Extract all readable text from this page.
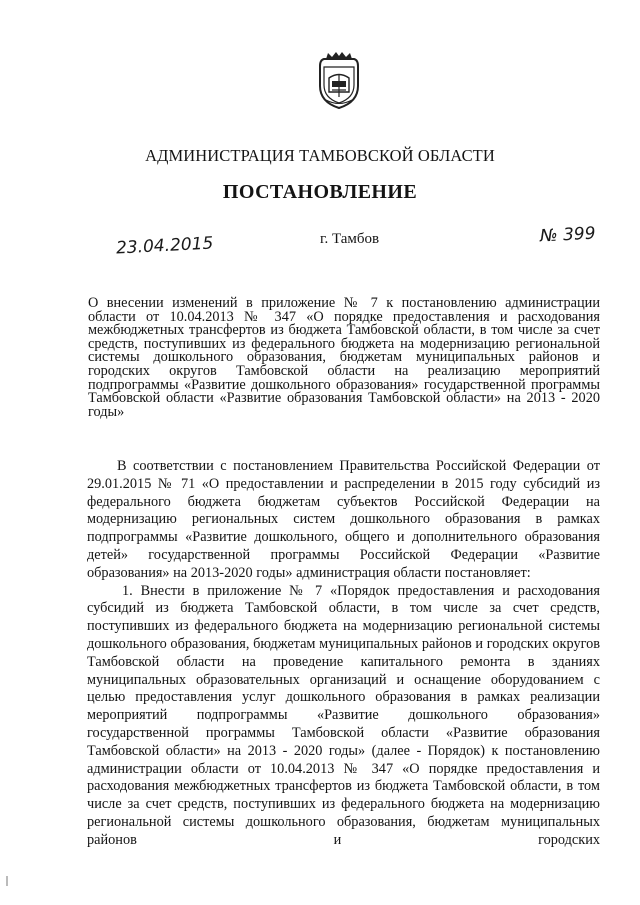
АДМИНИСТРАЦИЯ ТАМБОВСКОЙ ОБЛАСТИ
ПОСТАНОВЛЕНИЕ
23.04.2015	г. Тамбов	№ 399
О внесении изменений в приложение № 7 к постановлению администрации области от 10.04.2013 № 347 «О порядке предоставления и расходования межбюджетных трансфертов из бюджета Тамбовской области, в том числе за счет средств, поступивших из федерального бюджета на модернизацию региональной системы дошкольного образования, бюджетам муниципальных районов и городских округов Тамбовской области на реализацию мероприятий подпрограммы «Развитие дошкольного образования» государственной программы Тамбовской области «Развитие образования Тамбовской области» на 2013 - 2020 годы»

В соответствии с постановлением Правительства Российской Федерации от 29.01.2015 № 71 «О предоставлении и распределении в 2015 году субсидий из федерального бюджета бюджетам субъектов Российской Федерации на модернизацию региональных систем дошкольного образования в рамках подпрограммы «Развитие дошкольного, общего и дополнительного образования детей» государственной программы Российской Федерации «Развитие образования» на 2013-2020 годы» администрация области постановляет:

1. Внести в приложение № 7 «Порядок предоставления и расходования субсидий из бюджета Тамбовской области, в том числе за счет средств, поступивших из федерального бюджета на модернизацию региональной системы дошкольного образования, бюджетам муниципальных районов и городских округов Тамбовской области на проведение капитального ремонта в зданиях муниципальных образовательных организаций и оснащение оборудованием с целью предоставления услуг дошкольного образования в рамках реализации мероприятий подпрограммы «Развитие дошкольного образования» государственной программы Тамбовской области «Развитие образования Тамбовской области» на 2013 - 2020 годы» (далее - Порядок) к постановлению администрации области от 10.04.2013 № 347 «О порядке предоставления и расходования межбюджетных трансфертов из бюджета Тамбовской области, в том числе за счет средств, поступивших из федерального бюджета на модернизацию региональной системы дошкольного образования, бюджетам муниципальных районов и городских
